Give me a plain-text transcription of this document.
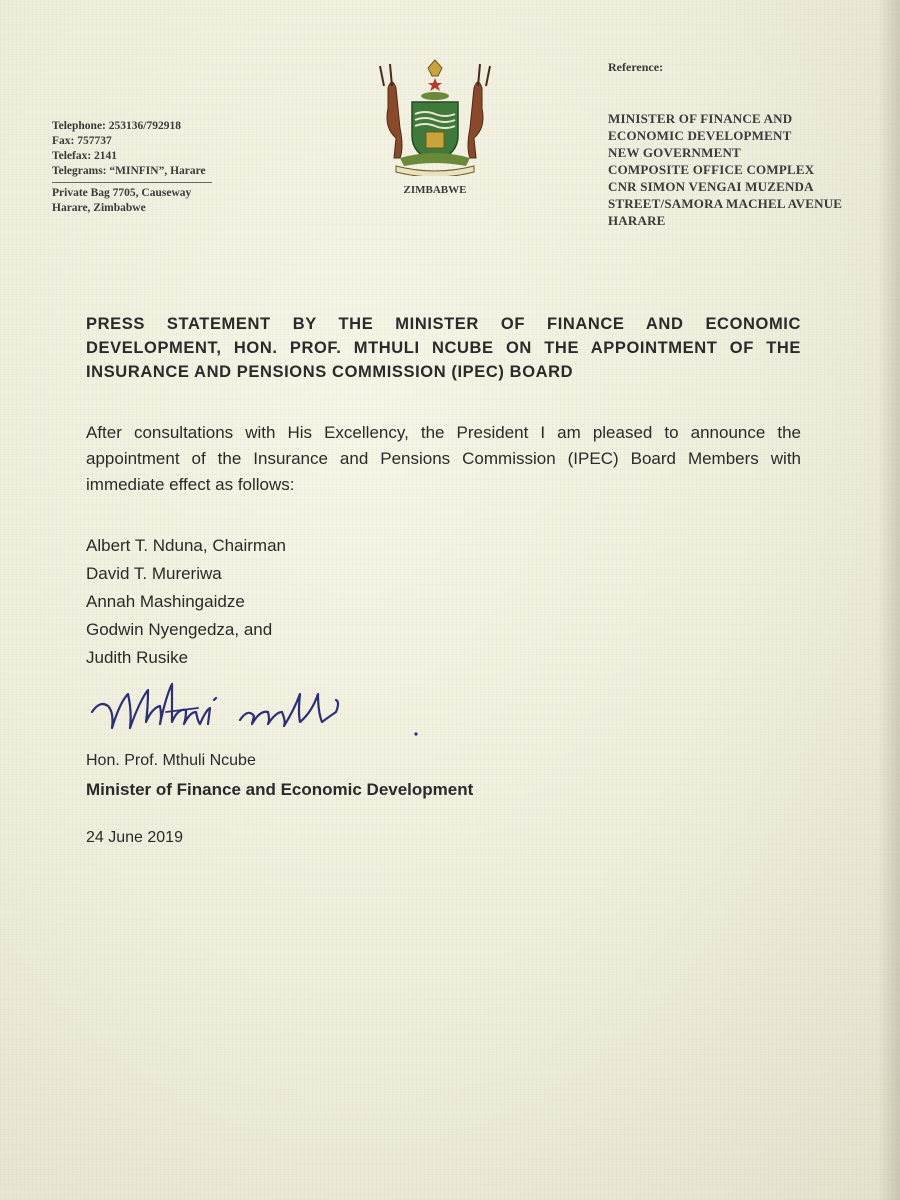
Telephone: 253136/792918
Fax: 757737
Telefax: 2141
Telegrams: “MINFIN”, Harare
Private Bag 7705, Causeway
Harare, Zimbabwe
ZIMBABWE
Reference:
MINISTER OF FINANCE AND
ECONOMIC DEVELOPMENT
NEW GOVERNMENT
COMPOSITE OFFICE COMPLEX
CNR SIMON VENGAI MUZENDA
STREET/SAMORA MACHEL AVENUE
HARARE
PRESS STATEMENT BY THE MINISTER OF FINANCE AND ECONOMIC DEVELOPMENT, HON. PROF. MTHULI NCUBE ON THE APPOINTMENT OF THE INSURANCE AND PENSIONS COMMISSION (IPEC) BOARD
After consultations with His Excellency, the President I am pleased to announce the appointment of the Insurance and Pensions Commission (IPEC) Board Members with immediate effect as follows:
Albert T. Nduna, Chairman
David T. Mureriwa
Annah Mashingaidze
Godwin Nyengedza, and
Judith Rusike
Hon. Prof. Mthuli Ncube
Minister of Finance and Economic Development
24 June 2019
